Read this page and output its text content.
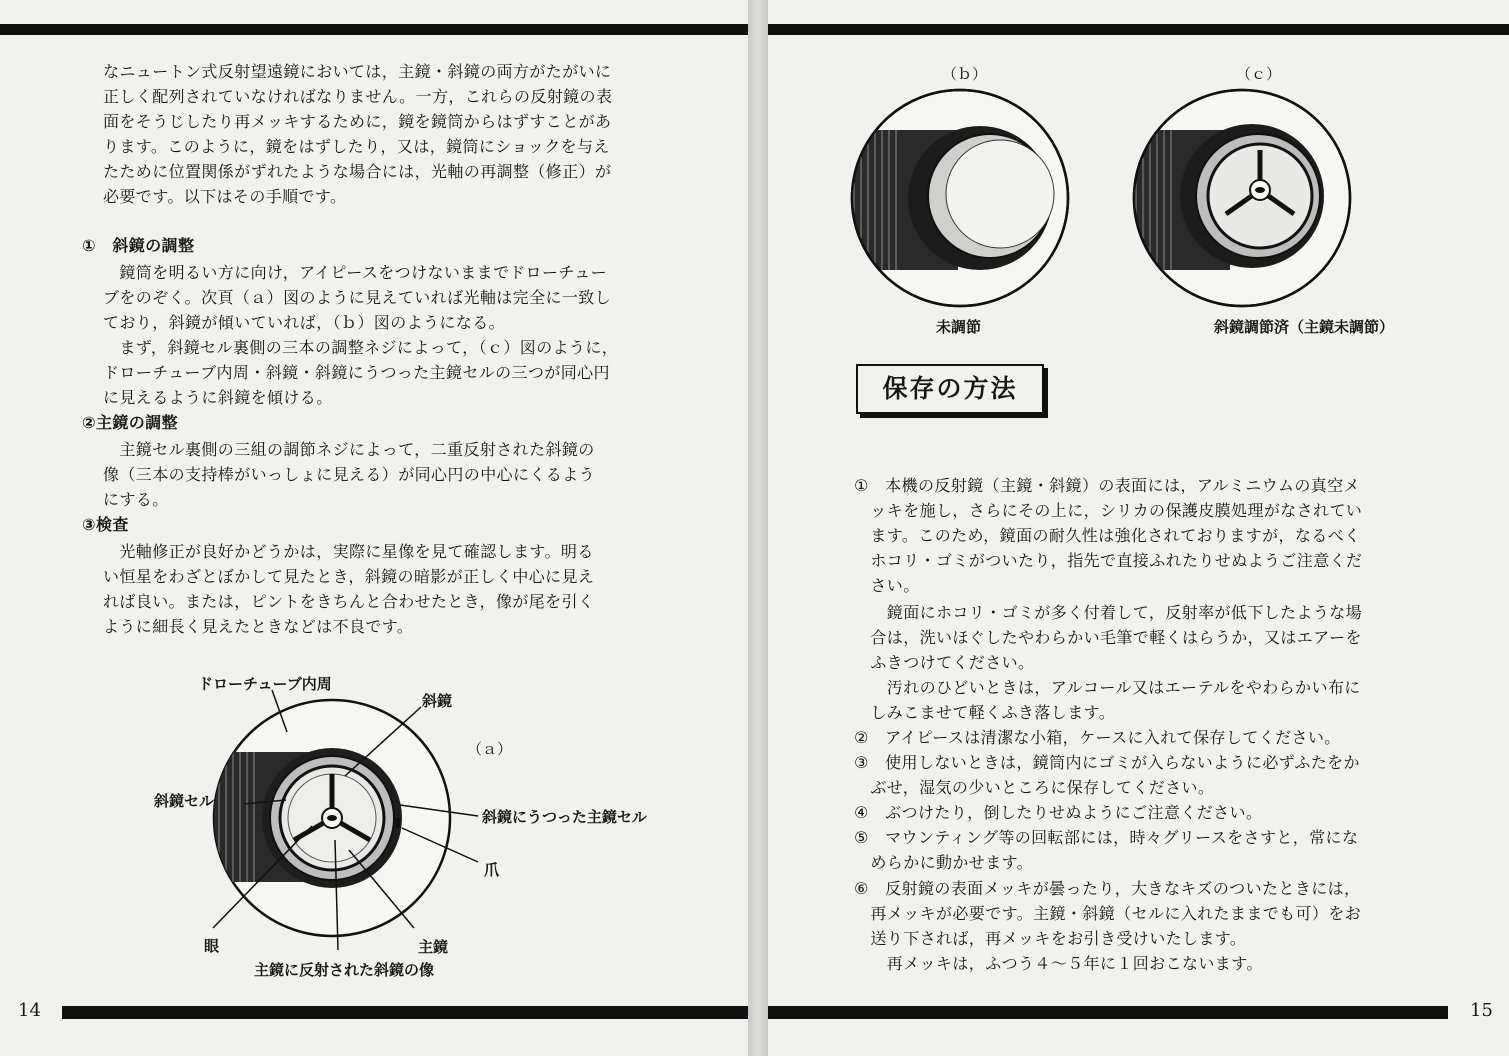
なニュートン式反射望遠鏡においては，主鏡・斜鏡の両方がたがいに
正しく配列されていなければなりません。一方，これらの反射鏡の表
面をそうじしたり再メッキするために，鏡を鏡筒からはずすことがあ
ります。このように，鏡をはずしたり，又は，鏡筒にショックを与え
たために位置関係がずれたような場合には，光軸の再調整（修正）が
必要です。以下はその手順です。
①　斜鏡の調整
　鏡筒を明るい方に向け，アイピースをつけないままでドローチュー
ブをのぞく。次頁（ａ）図のように見えていれば光軸は完全に一致し
ており，斜鏡が傾いていれば，（ｂ）図のようになる。
　まず，斜鏡セル裏側の三本の調整ネジによって，（ｃ）図のように，
ドローチューブ内周・斜鏡・斜鏡にうつった主鏡セルの三つが同心円
に見えるように斜鏡を傾ける。
②主鏡の調整
　主鏡セル裏側の三組の調節ネジによって，二重反射された斜鏡の
像（三本の支持棒がいっしょに見える）が同心円の中心にくるよう
にする。
③検査
　光軸修正が良好かどうかは，実際に星像を見て確認します。明る
い恒星をわざとぼかして見たとき，斜鏡の暗影が正しく中心に見え
れば良い。または，ピントをきちんと合わせたとき，像が尾を引く
ように細長く見えたときなどは不良です。
ドローチューブ内周
斜鏡
（ａ）
斜鏡セル
斜鏡にうつった主鏡セル
爪
眼	主鏡
主鏡に反射された斜鏡の像
14
（ｂ）	（ｃ）
未調節	斜鏡調節済（主鏡未調節）
保存の方法
①　本機の反射鏡（主鏡・斜鏡）の表面には，アルミニウムの真空メ
　ッキを施し，さらにその上に，シリカの保護皮膜処理がなされてい
　ます。このため，鏡面の耐久性は強化されておりますが，なるべく
　ホコリ・ゴミがついたり，指先で直接ふれたりせぬようご注意くだ
　さい。
　　鏡面にホコリ・ゴミが多く付着して，反射率が低下したような場
　合は，洗いほぐしたやわらかい毛筆で軽くはらうか，又はエアーを
　ふきつけてください。
　　汚れのひどいときは，アルコール又はエーテルをやわらかい布に
　しみこませて軽くふき落します。
②　アイピースは清潔な小箱，ケースに入れて保存してください。
③　使用しないときは，鏡筒内にゴミが入らないように必ずふたをか
　ぶせ，湿気の少いところに保存してください。
④　ぶつけたり，倒したりせぬようにご注意ください。
⑤　マウンティング等の回転部には，時々グリースをさすと，常にな
　めらかに動かせます。
⑥　反射鏡の表面メッキが曇ったり，大きなキズのついたときには，
　再メッキが必要です。主鏡・斜鏡（セルに入れたままでも可）をお
　送り下されば，再メッキをお引き受けいたします。
　　再メッキは，ふつう４～５年に１回おこないます。
15
